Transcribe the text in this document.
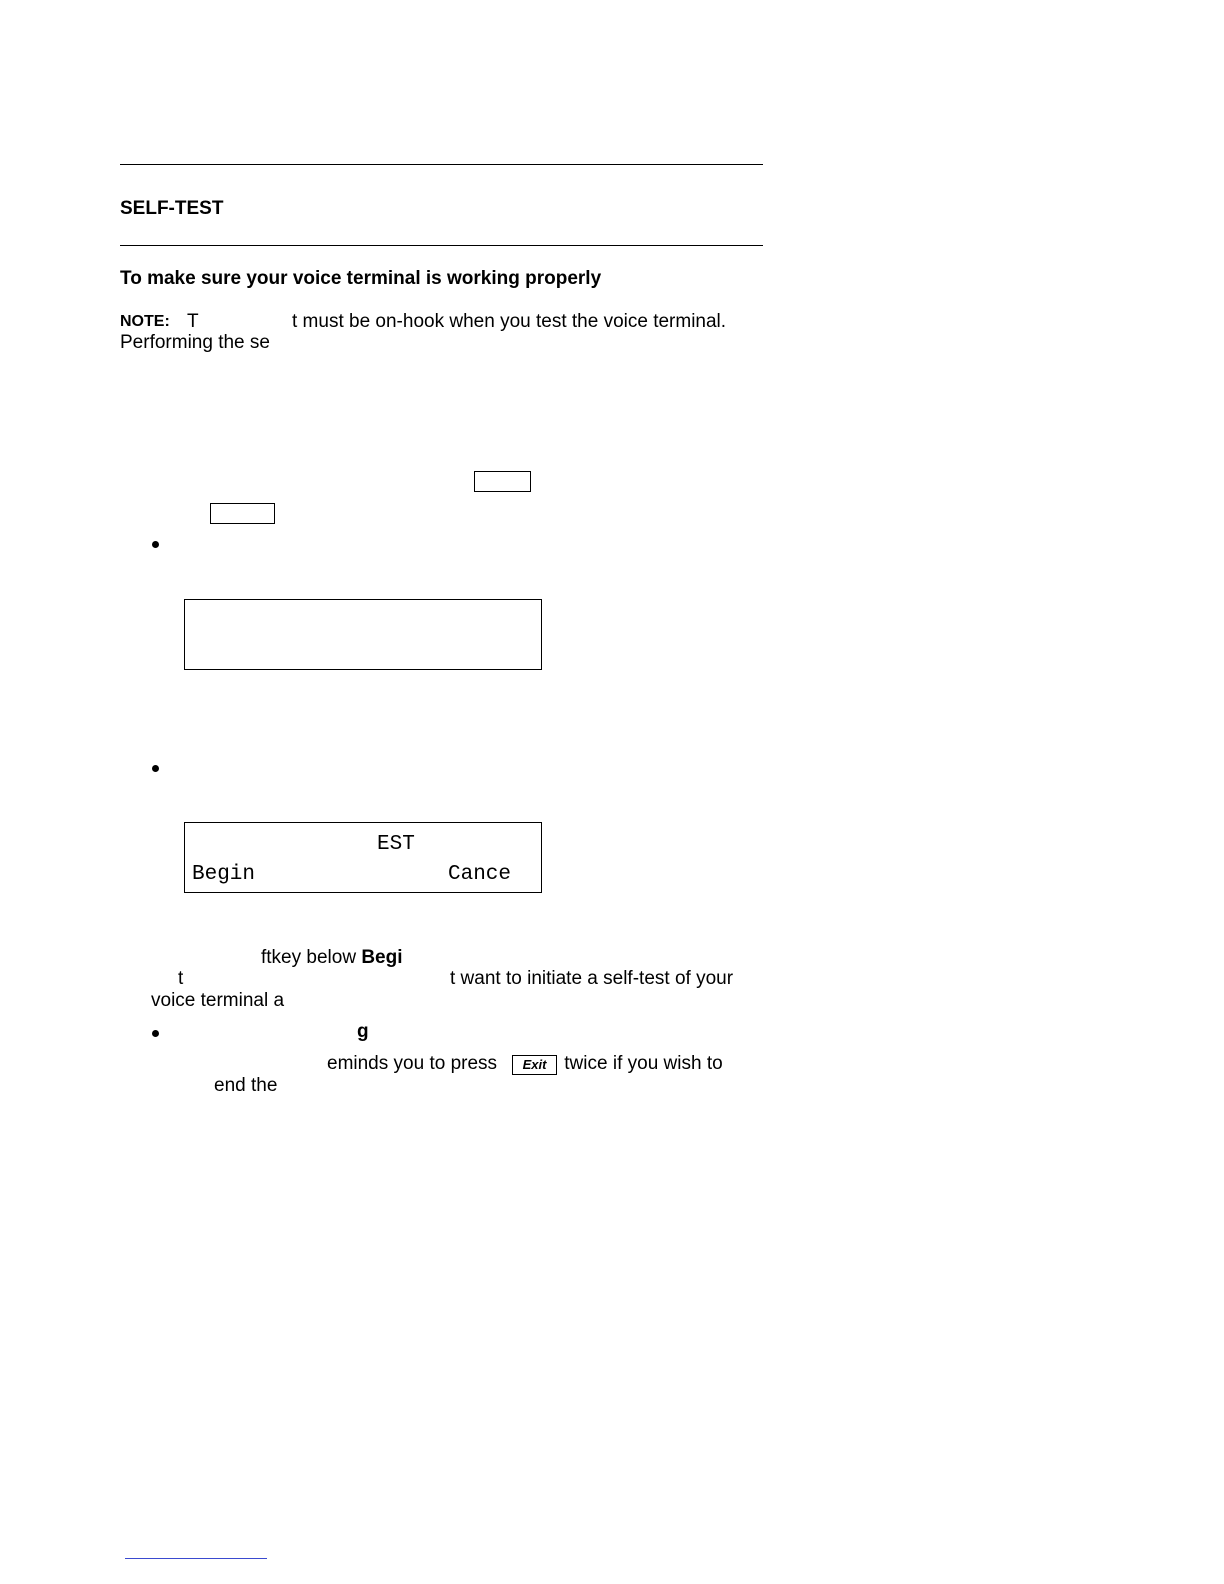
SELF-TEST
To make sure your voice terminal is working properly
NOTE: T	t must be on-hook when you test the voice terminal.
Performing the se
EST
Begin	Cance
ftkey below Begi
t	t want to initiate a self-test of your
voice terminal a
g
eminds you to press	Exit twice if you wish to
end the
